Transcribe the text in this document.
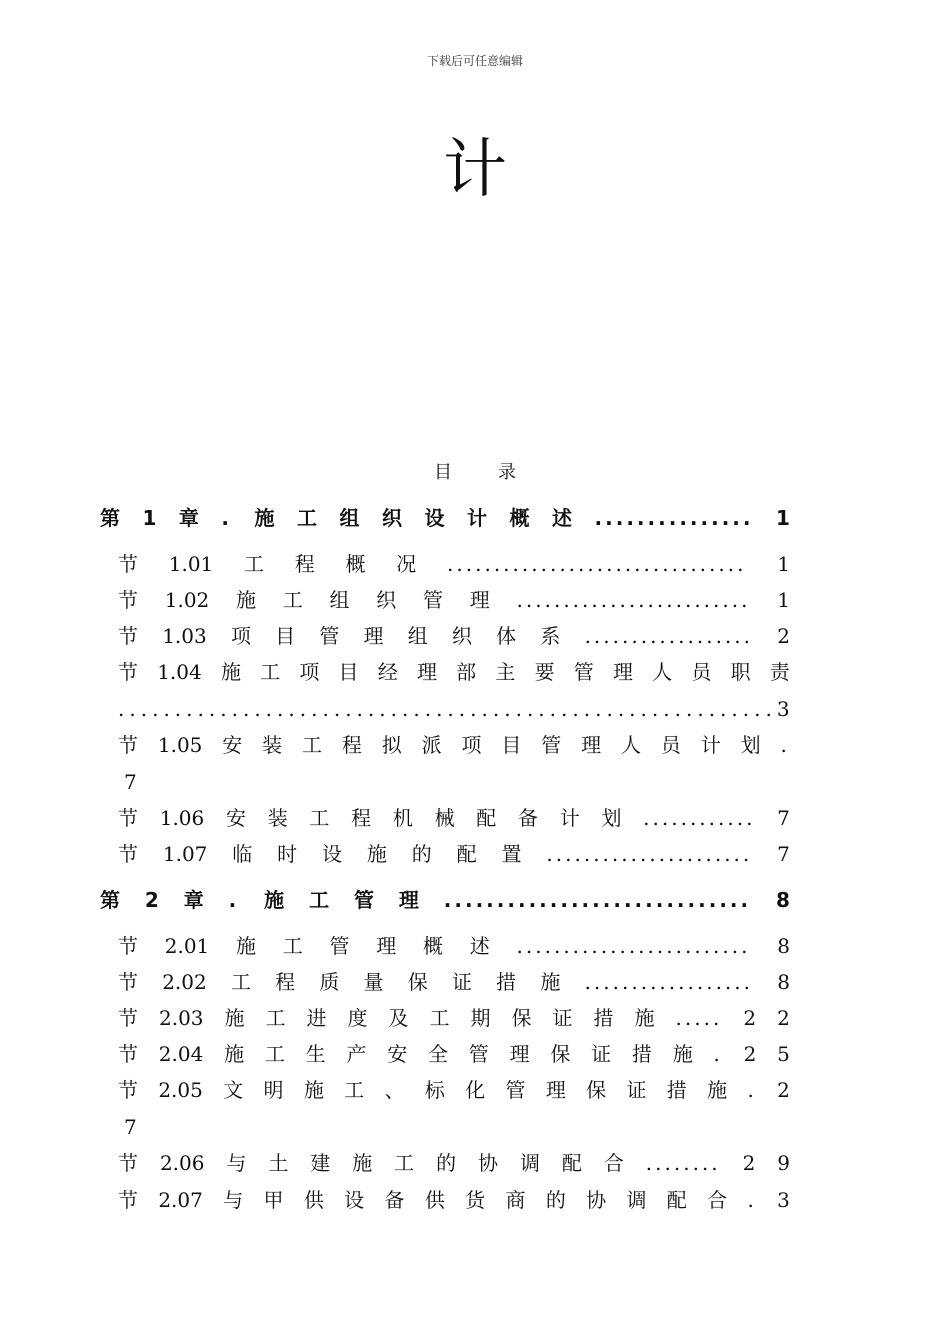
下载后可任意编辑
计
目	录
第 1 章 . 施 工 组 织 设 计 概 述 ............... 1
节 1.01 工 程 概 况 ................................ 1
节 1.02 施 工 组 织 管 理 ......................... 1
节 1.03 项 目 管 理 组 织 体 系 .................. 2
节 1.04 施 工 项 目 经 理 部 主 要 管 理 人 员 职 责
. . . . . . . . . . . . . . . . . . . . . . . . . . . . . . . . . . . . . . . . . . . . . . . . . . . . . . . . . . 3
节 1.05 安 装 工 程 拟 派 项 目 管 理 人 员 计 划 .
7
节 1.06 安 装 工 程 机 械 配 备 计 划 ............ 7
节 1.07 临 时 设 施 的 配 置 ...................... 7
第 2 章 . 施 工 管 理 ............................. 8
节 2.01 施 工 管 理 概 述 ......................... 8
节 2.02 工 程 质 量 保 证 措 施 .................. 8
节 2.03 施 工 进 度 及 工 期 保 证 措 施 ..... 2 2
节 2.04 施 工 生 产 安 全 管 理 保 证 措 施 . 2 5
节 2.05 文 明 施 工 、 标 化 管 理 保 证 措 施 . 2
7
节 2.06 与 土 建 施 工 的 协 调 配 合 ........ 2 9
节 2.07 与 甲 供 设 备 供 货 商 的 协 调 配 合 . 3
